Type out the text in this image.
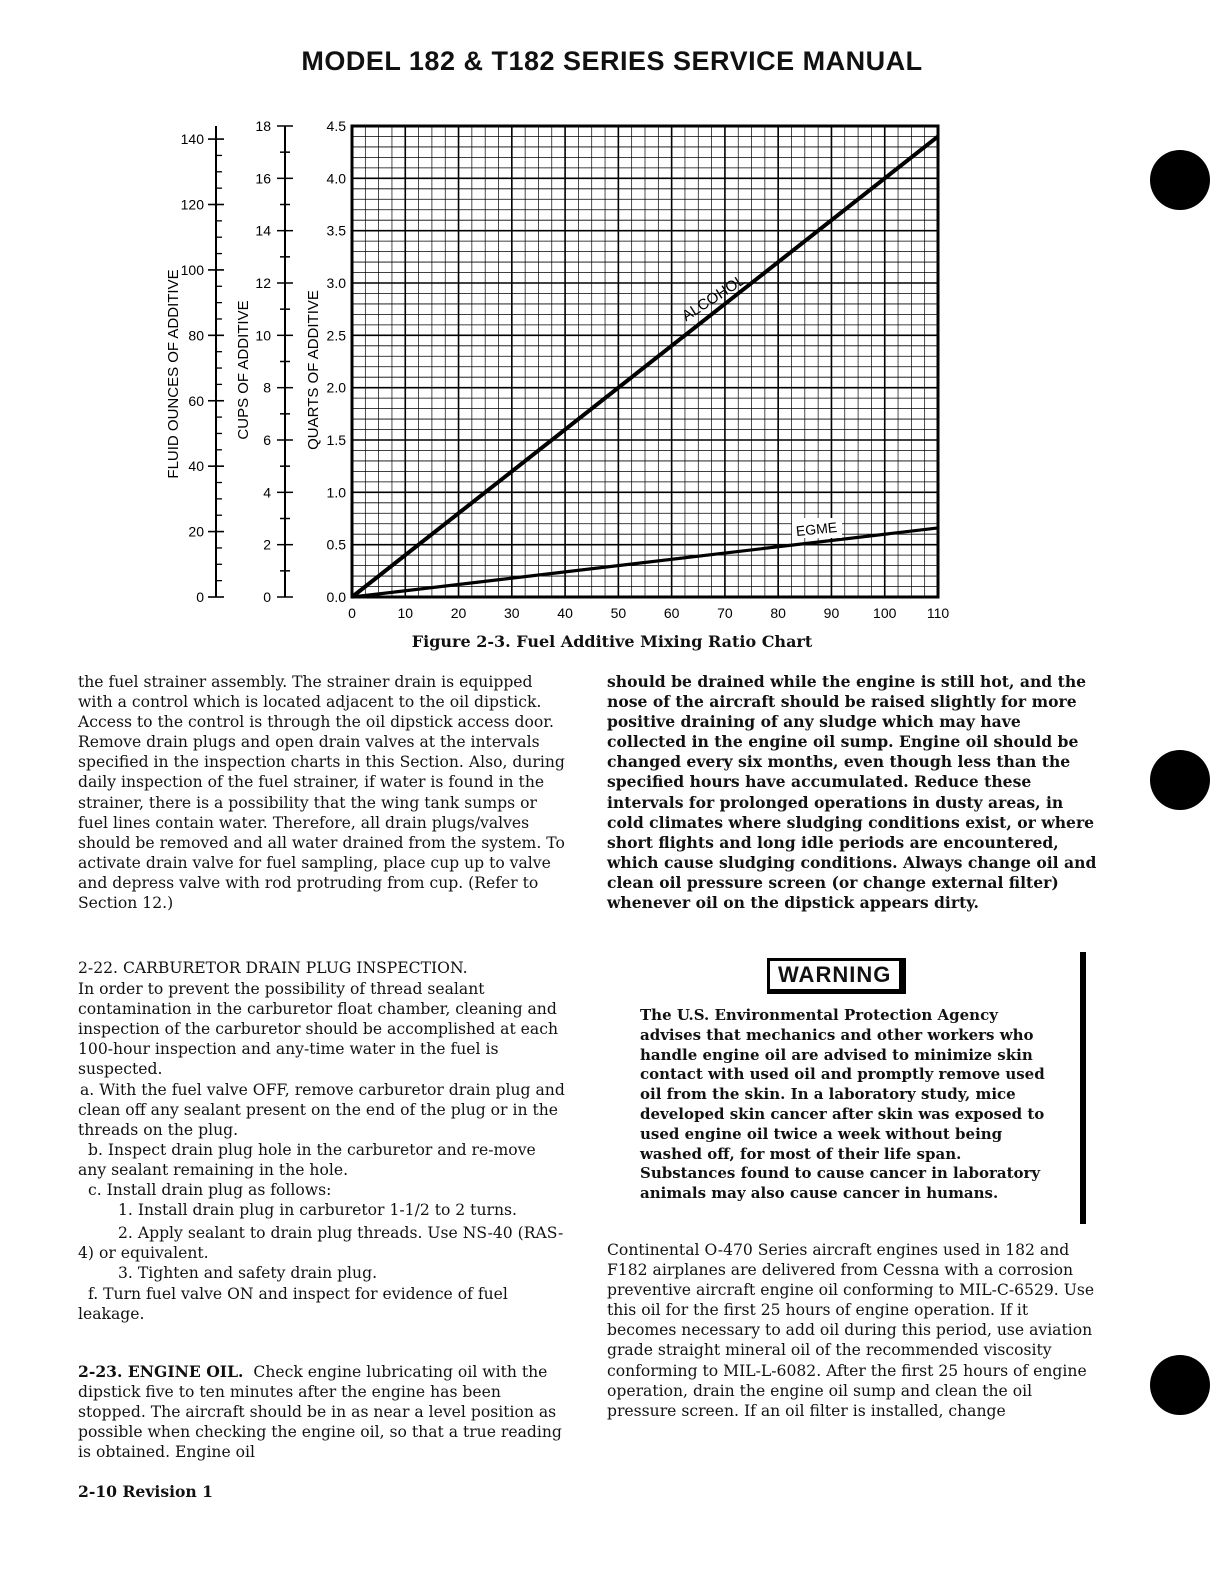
MODEL 182 & T182 SERIES SERVICE MANUAL
0	10	20	30	40	50	60	70	80	90 100 110
0.0
0.5
1.0
1.5
2.0
2.5
3.0
3.5
4.0
4.5
0
2
4
6
8
10
12
14
16
18
0
20
40
60
80
100
120
140
FLUID OUNCES OF ADDITIVE	CUPS OF ADDITIVE	QUARTS OF ADDITIVE	ALCOHOL
EGME
Figure 2-3. Fuel Additive Mixing Ratio Chart

the fuel strainer assembly. The strainer drain is equipped with a control which is located adjacent to the oil dipstick. Access to the control is through the oil dipstick access door. Remove drain plugs and open drain valves at the intervals specified in the inspection charts in this Section. Also, during daily inspection of the fuel strainer, if water is found in the strainer, there is a possibility that the wing tank sumps or fuel lines contain water. Therefore, all drain plugs/valves should be removed and all water drained from the system. To activate drain valve for fuel sampling, place cup up to valve and depress valve with rod protruding from cup. (Refer to Section 12.)

2-22. CARBURETOR DRAIN PLUG INSPECTION.

In order to prevent the possibility of thread sealant contamination in the carburetor float chamber, cleaning and inspection of the carburetor should be accomplished at each 100-hour inspection and any-time water in the fuel is suspected.

a. With the fuel valve OFF, remove carburetor drain plug and clean off any sealant present on the end of the plug or in the threads on the plug.

b. Inspect drain plug hole in the carburetor and re-move any sealant remaining in the hole.

c. Install drain plug as follows:

1. Install drain plug in carburetor 1-1/2 to 2 turns.

2. Apply sealant to drain plug threads. Use NS-40 (RAS-4) or equivalent.

3. Tighten and safety drain plug.

f. Turn fuel valve ON and inspect for evidence of fuel leakage.

2-23. ENGINE OIL. Check engine lubricating oil with the dipstick five to ten minutes after the engine has been stopped. The aircraft should be in as near a level position as possible when checking the engine oil, so that a true reading is obtained. Engine oil

should be drained while the engine is still hot, and the nose of the aircraft should be raised slightly for more positive draining of any sludge which may have collected in the engine oil sump. Engine oil should be changed every six months, even though less than the specified hours have accumulated. Reduce these intervals for prolonged operations in dusty areas, in cold climates where sludging conditions exist, or where short flights and long idle periods are encountered, which cause sludging conditions. Always change oil and clean oil pressure screen (or change external filter) whenever oil on the dipstick appears dirty.

WARNING

The U.S. Environmental Protection Agency advises that mechanics and other workers who handle engine oil are advised to minimize skin contact with used oil and promptly remove used oil from the skin. In a laboratory study, mice developed skin cancer after skin was exposed to used engine oil twice a week without being washed off, for most of their life span. Substances found to cause cancer in laboratory animals may also cause cancer in humans.

Continental O-470 Series aircraft engines used in 182 and F182 airplanes are delivered from Cessna with a corrosion preventive aircraft engine oil conforming to MIL-C-6529. Use this oil for the first 25 hours of engine operation. If it becomes necessary to add oil during this period, use aviation grade straight mineral oil of the recommended viscosity conforming to MIL-L-6082. After the first 25 hours of engine operation, drain the engine oil sump and clean the oil pressure screen. If an oil filter is installed, change

2-10 Revision 1
